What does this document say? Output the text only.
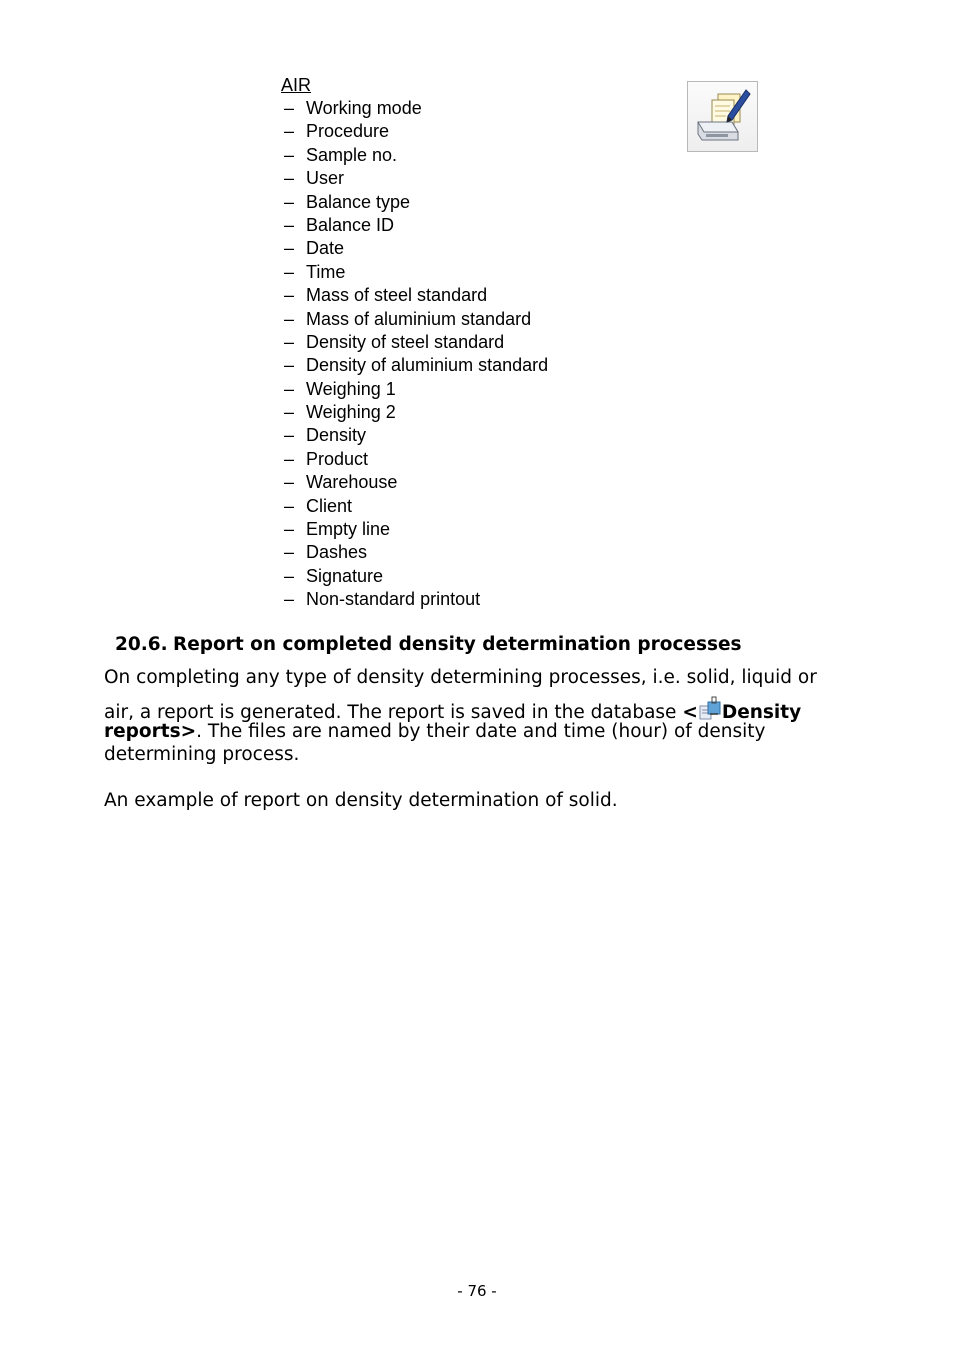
AIR
– Working mode
– Procedure
– Sample no.
– User
– Balance type
– Balance ID
– Date
– Time
– Mass of steel standard
– Mass of aluminium standard
– Density of steel standard
– Density of aluminium standard
– Weighing 1
– Weighing 2
– Density
– Product
– Warehouse
– Client
– Empty line
– Dashes
– Signature
– Non-standard printout
20.6. Report on completed density determination processes
On completing any type of density determining processes, i.e. solid, liquid or
air, a report is generated. The report is saved in the database < Density
reports>. The files are named by their date and time (hour) of density
determining process.
An example of report on density determination of solid.
- 76 -
